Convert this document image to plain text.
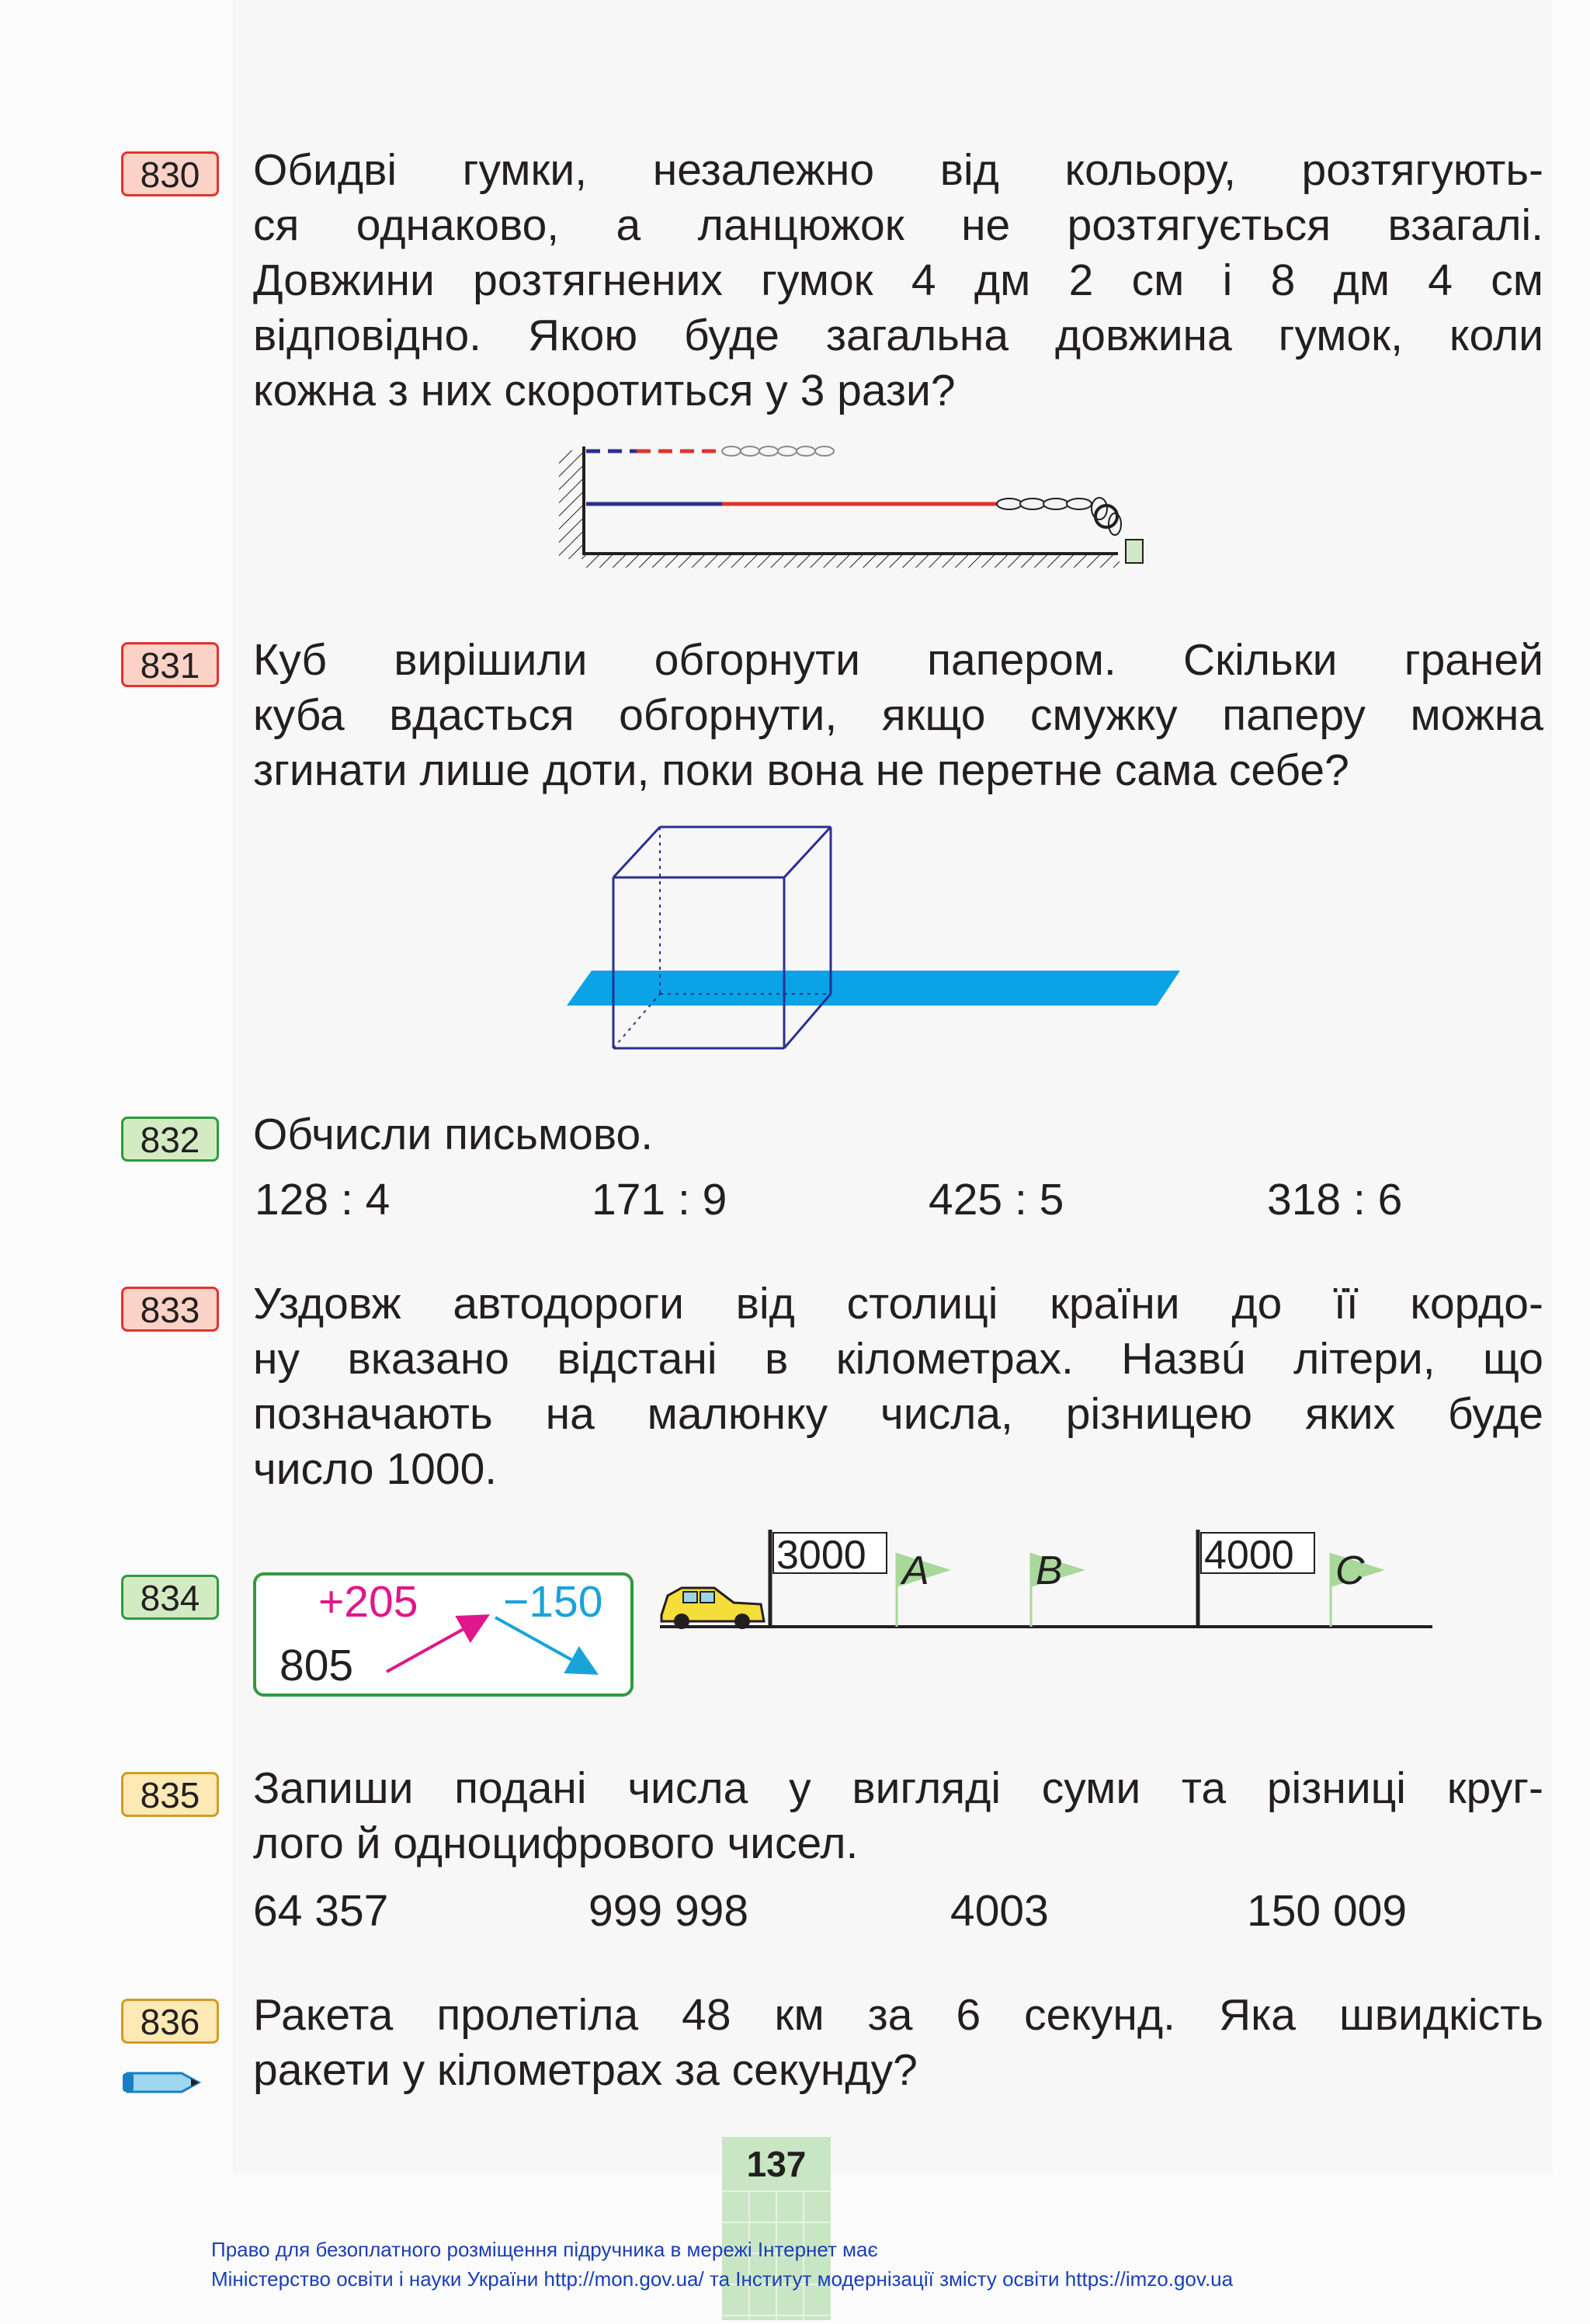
830	Обидві гумки, незалежно від кольору, розтягують-
ся однаково, а ланцюжок не розтягується взагалі.
Довжини розтягнених гумок 4 дм 2 см і 8 дм 4 см
відповідно. Якою буде загальна довжина гумок, коли
кожна з них скоротиться у 3 рази?
831	Куб вирішили обгорнути папером. Скільки граней
куба вдасться обгорнути, якщо смужку паперу можна
згинати лише доти, поки вона не перетне сама себе?
832	Обчисли письмово.
128 : 4	171 : 9	425 : 5	318 : 6
833	Уздовж автодороги від столиці країни до її кордо-
ну вказано відстані в кілометрах. Назвú літери, що
позначають на малюнку числа, різницею яких буде
число 1000.
834	+205 −150
805
3000	4000
A	B	C
835	Запиши подані числа у вигляді суми та різниці круг-
лого й одноцифрового чисел.
64 357	999 998	4003	150 009
836	Ракета пролетіла 48 км за 6 секунд. Яка швидкість
ракети у кілометрах за секунду?
137
Право для безоплатного розміщення підручника в мережі Інтернет має
Міністерство освіти і науки України http://mon.gov.ua/ та Інститут модернізації змісту освіти https://imzo.gov.ua
